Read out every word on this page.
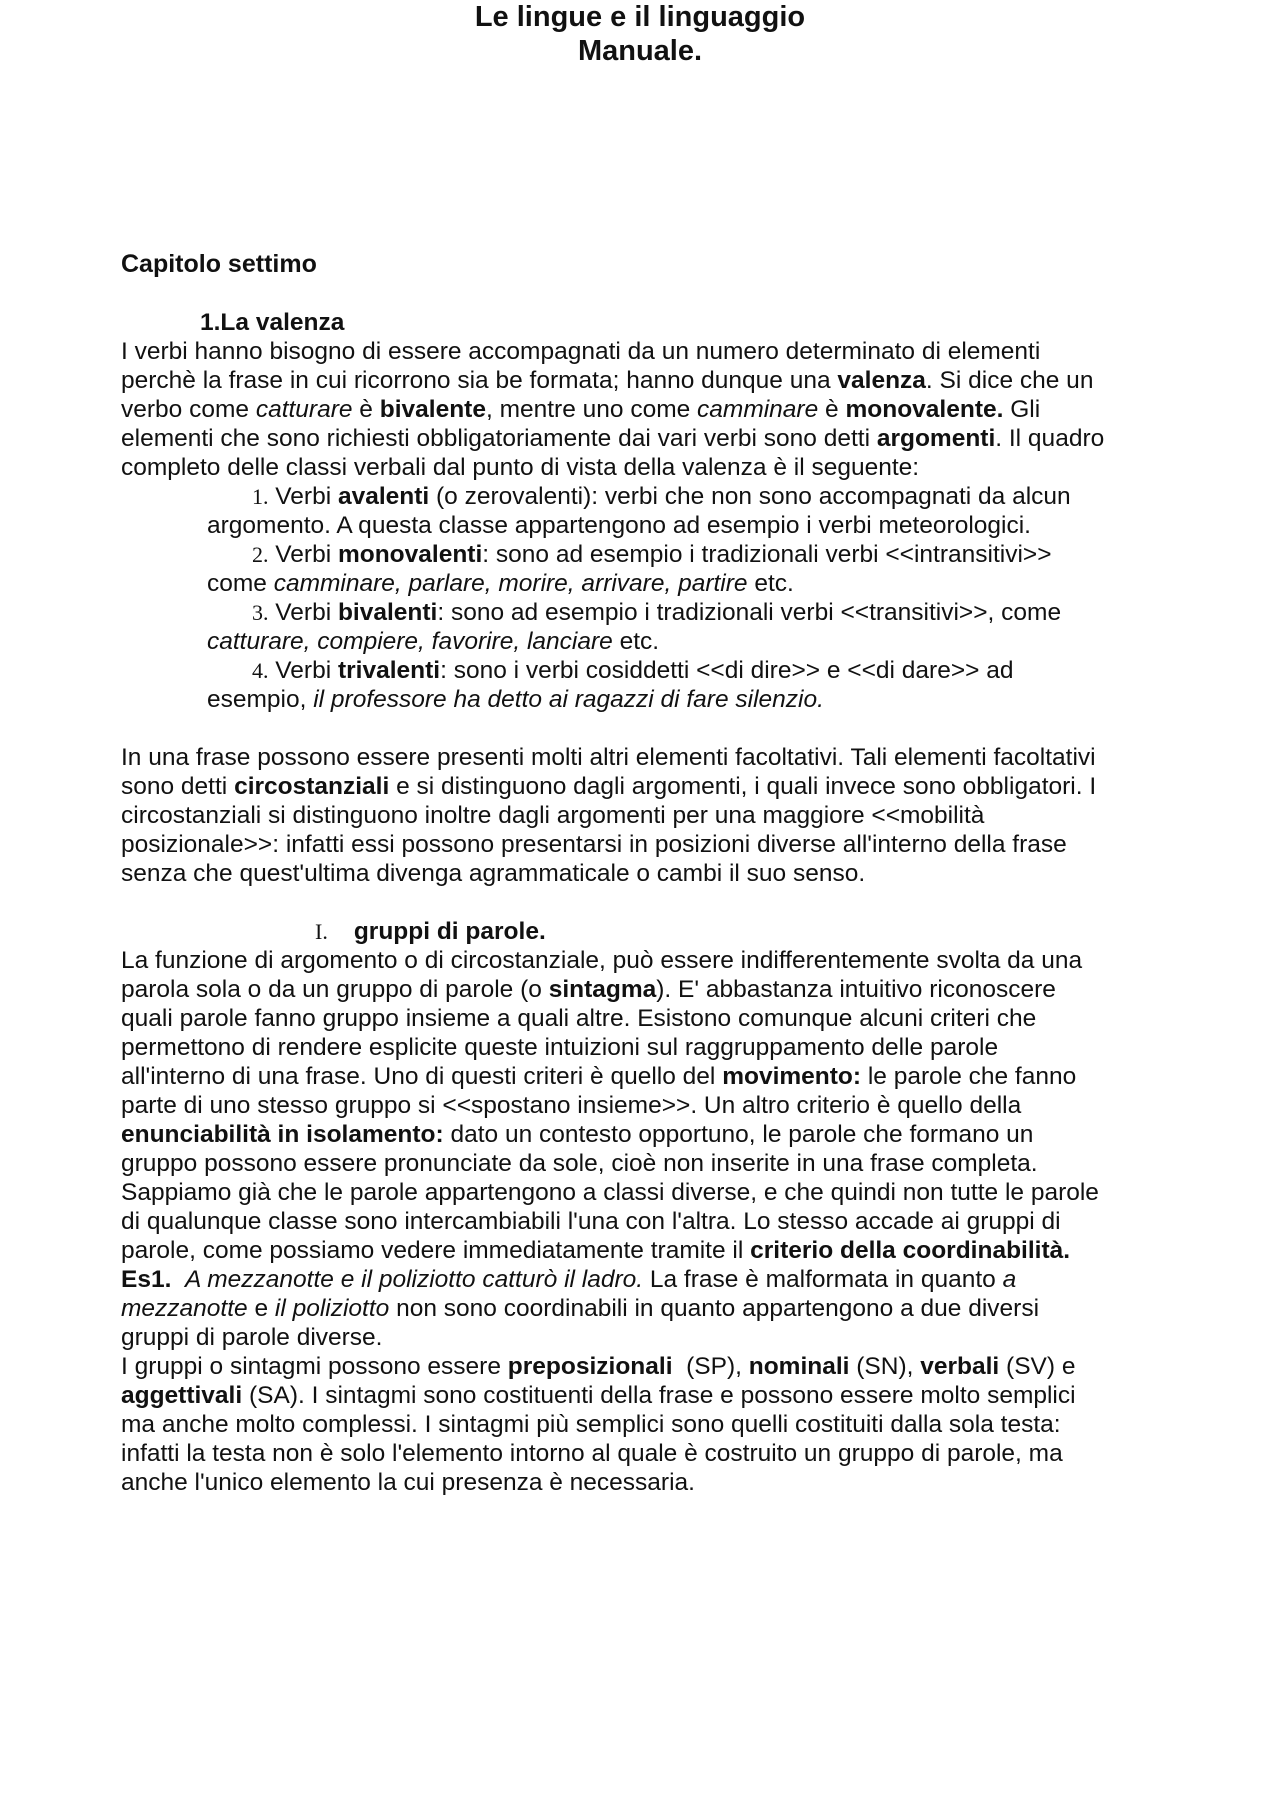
Le lingue e il linguaggio
Manuale.
Capitolo settimo
1.La valenza
I verbi hanno bisogno di essere accompagnati da un numero determinato di elementi
perchè la frase in cui ricorrono sia be formata; hanno dunque una valenza. Si dice che un
verbo come catturare è bivalente, mentre uno come camminare è monovalente. Gli
elementi che sono richiesti obbligatoriamente dai vari verbi sono detti argomenti. Il quadro
completo delle classi verbali dal punto di vista della valenza è il seguente:
1. Verbi avalenti (o zerovalenti): verbi che non sono accompagnati da alcun
argomento. A questa classe appartengono ad esempio i verbi meteorologici.
2. Verbi monovalenti: sono ad esempio i tradizionali verbi <<intransitivi>>
come camminare, parlare, morire, arrivare, partire etc.
3. Verbi bivalenti: sono ad esempio i tradizionali verbi <<transitivi>>, come
catturare, compiere, favorire, lanciare etc.
4. Verbi trivalenti: sono i verbi cosiddetti <<di dire>> e <<di dare>> ad
esempio, il professore ha detto ai ragazzi di fare silenzio.
In una frase possono essere presenti molti altri elementi facoltativi. Tali elementi facoltativi
sono detti circostanziali e si distinguono dagli argomenti, i quali invece sono obbligatori. I
circostanziali si distinguono inoltre dagli argomenti per una maggiore <<mobilità
posizionale>>: infatti essi possono presentarsi in posizioni diverse all'interno della frase
senza che quest'ultima divenga agrammaticale o cambi il suo senso.
I. gruppi di parole.
La funzione di argomento o di circostanziale, può essere indifferentemente svolta da una
parola sola o da un gruppo di parole (o sintagma). E' abbastanza intuitivo riconoscere
quali parole fanno gruppo insieme a quali altre. Esistono comunque alcuni criteri che
permettono di rendere esplicite queste intuizioni sul raggruppamento delle parole
all'interno di una frase. Uno di questi criteri è quello del movimento: le parole che fanno
parte di uno stesso gruppo si <<spostano insieme>>. Un altro criterio è quello della
enunciabilità in isolamento: dato un contesto opportuno, le parole che formano un
gruppo possono essere pronunciate da sole, cioè non inserite in una frase completa.
Sappiamo già che le parole appartengono a classi diverse, e che quindi non tutte le parole
di qualunque classe sono intercambiabili l'una con l'altra. Lo stesso accade ai gruppi di
parole, come possiamo vedere immediatamente tramite il criterio della coordinabilità.
Es1. A mezzanotte e il poliziotto catturò il ladro. La frase è malformata in quanto a
mezzanotte e il poliziotto non sono coordinabili in quanto appartengono a due diversi
gruppi di parole diverse.
I gruppi o sintagmi possono essere preposizionali  (SP), nominali (SN), verbali (SV) e
aggettivali (SA). I sintagmi sono costituenti della frase e possono essere molto semplici
ma anche molto complessi. I sintagmi più semplici sono quelli costituiti dalla sola testa:
infatti la testa non è solo l'elemento intorno al quale è costruito un gruppo di parole, ma
anche l'unico elemento la cui presenza è necessaria.
